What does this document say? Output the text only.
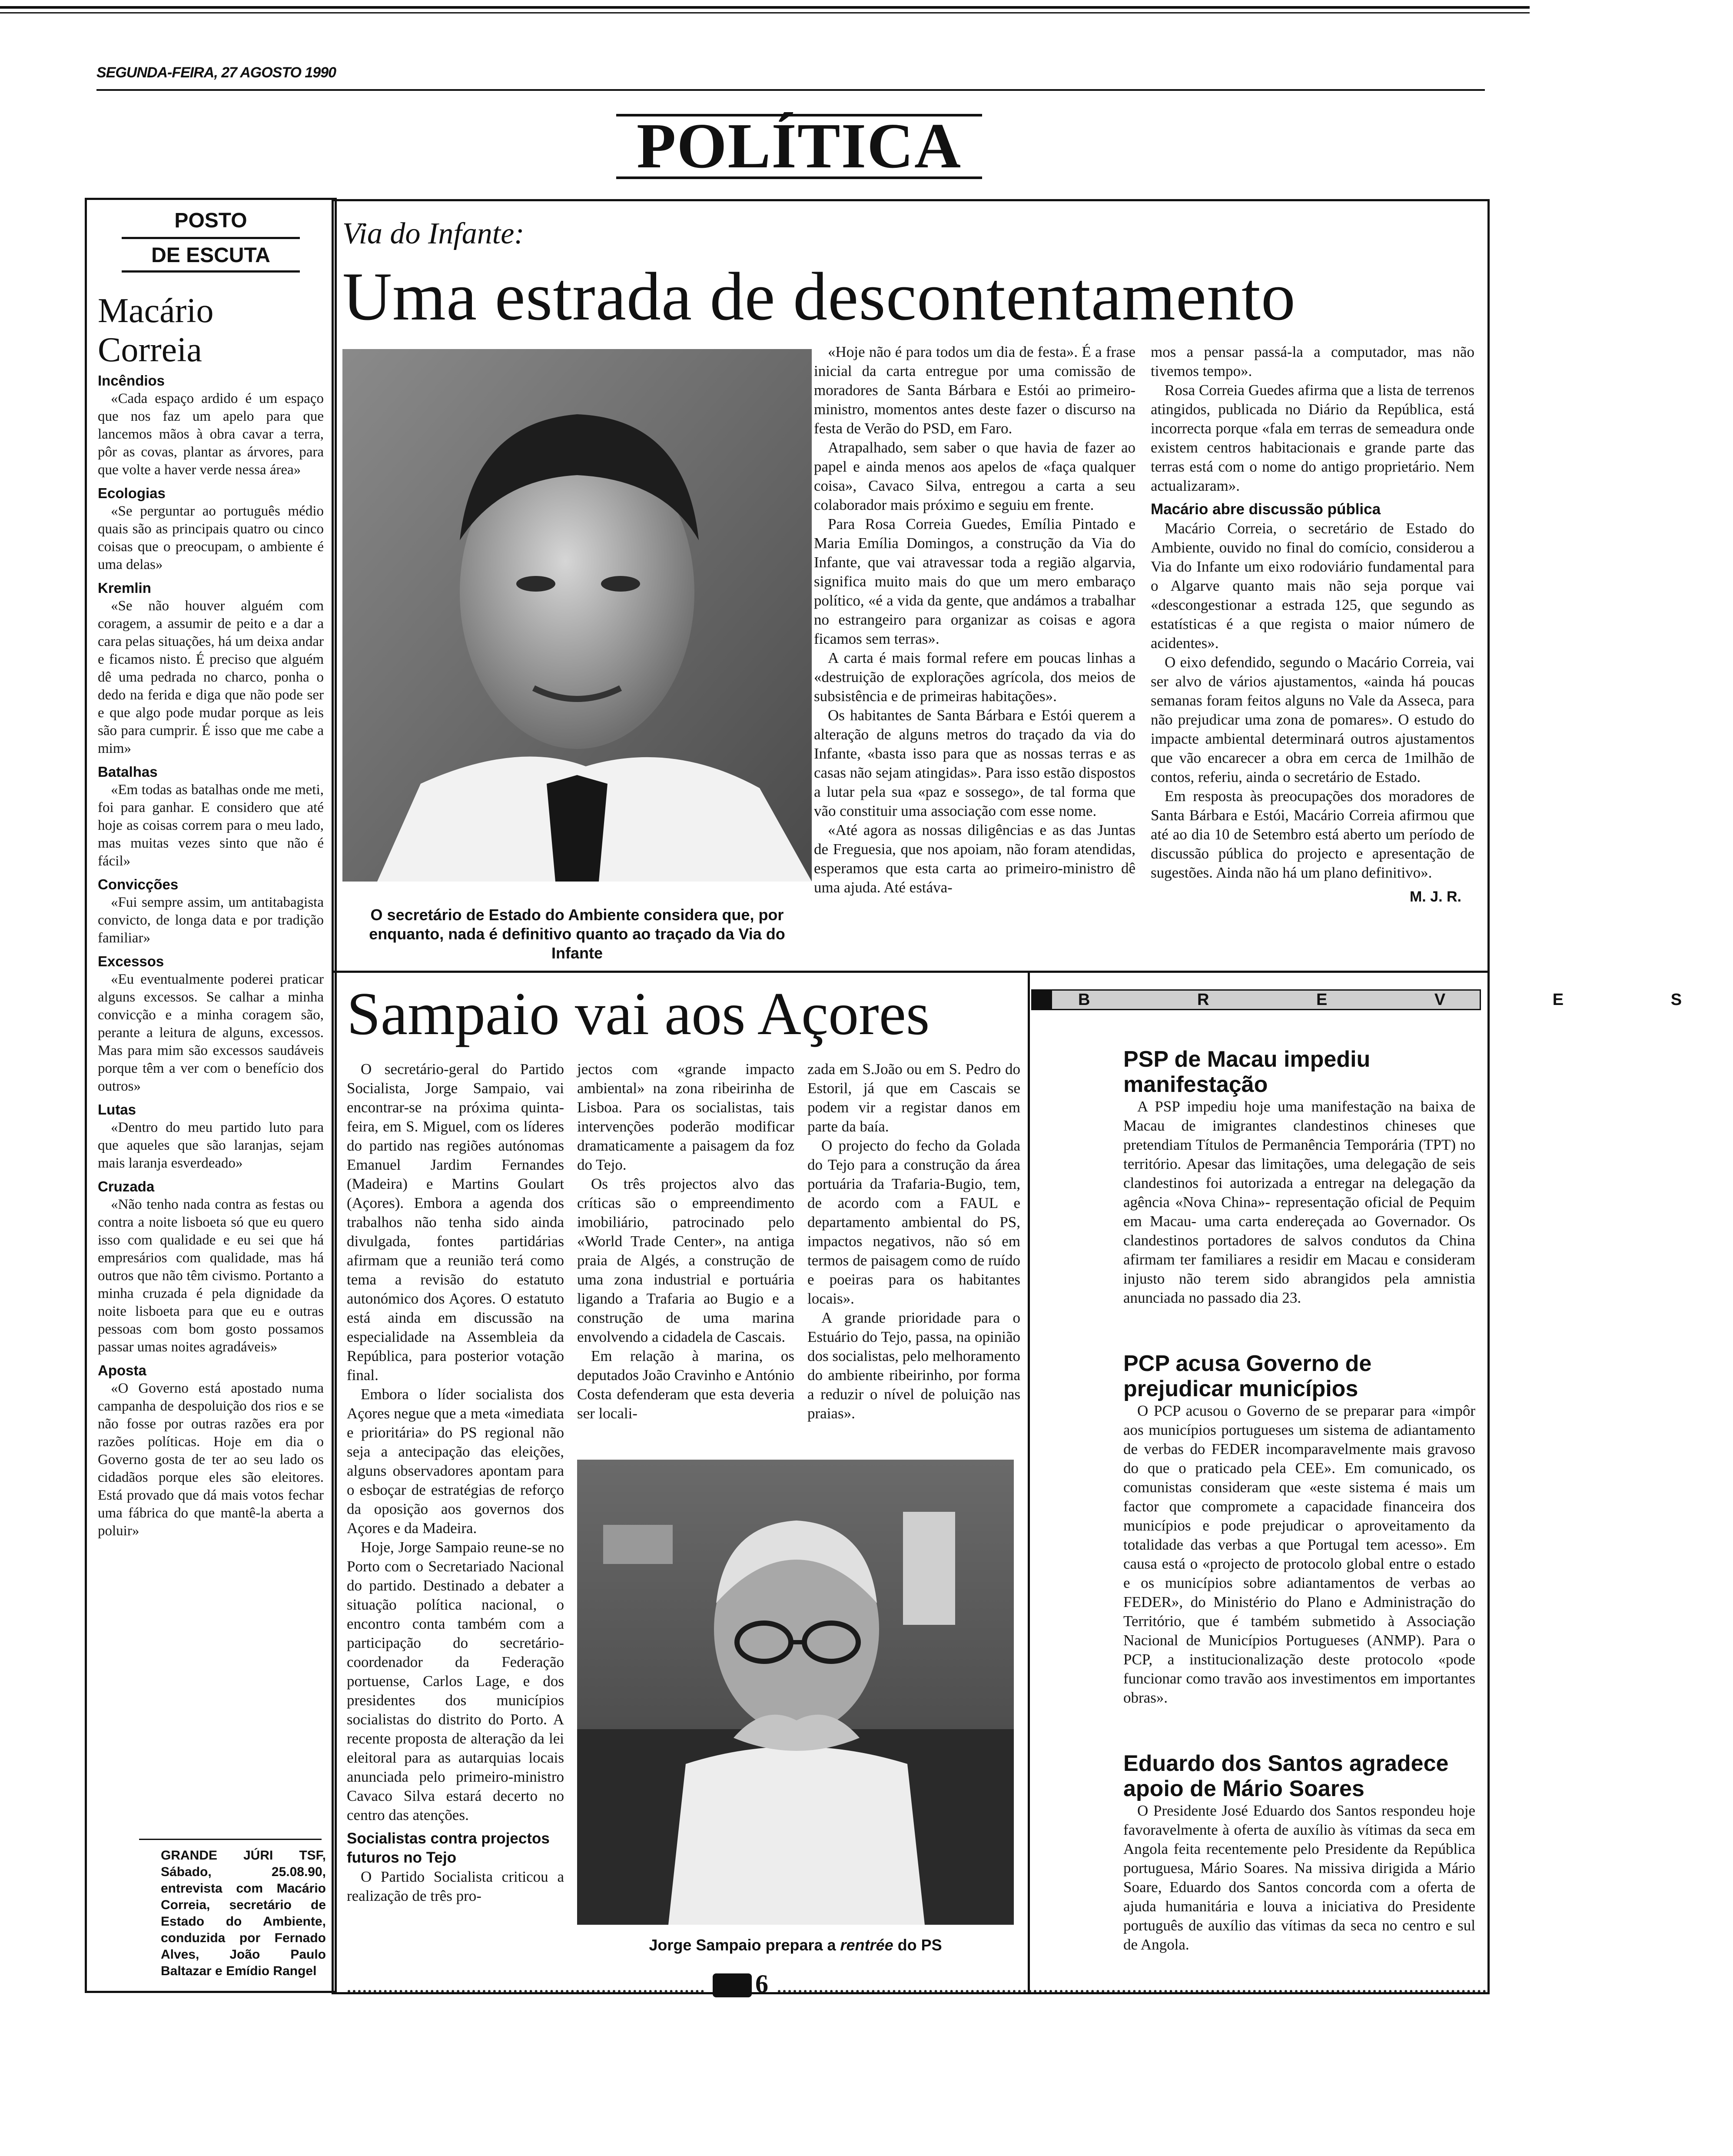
SEGUNDA-FEIRA, 27 AGOSTO 1990
POLÍTICA
POSTO
DE ESCUTA
Macário
Correia
Incêndios

«Cada espaço ardido é um espaço que nos faz um apelo para que lancemos mãos à obra cavar a terra, pôr as covas, plantar as árvores, para que volte a haver verde nessa área»

Ecologias

«Se perguntar ao português médio quais são as principais quatro ou cinco coisas que o preocupam, o ambiente é uma delas»

Kremlin

«Se não houver alguém com coragem, a assumir de peito e a dar a cara pelas situações, há um deixa andar e ficamos nisto. É preciso que alguém dê uma pedrada no charco, ponha o dedo na ferida e diga que não pode ser e que algo pode mudar porque as leis são para cumprir. É isso que me cabe a mim»

Batalhas

«Em todas as batalhas onde me meti, foi para ganhar. E considero que até hoje as coisas correm para o meu lado, mas muitas vezes sinto que não é fácil»

Convicções

«Fui sempre assim, um antitabagista convicto, de longa data e por tradição familiar»

Excessos

«Eu eventualmente poderei praticar alguns excessos. Se calhar a minha convicção e a minha coragem são, perante a leitura de alguns, excessos. Mas para mim são excessos saudáveis porque têm a ver com o benefício dos outros»

Lutas

«Dentro do meu partido luto para que aqueles que são laranjas, sejam mais laranja esverdeado»

Cruzada

«Não tenho nada contra as festas ou contra a noite lisboeta só que eu quero isso com qualidade e eu sei que há empresários com qualidade, mas há outros que não têm civismo. Portanto a minha cruzada é pela dignidade da noite lisboeta para que eu e outras pessoas com bom gosto possamos passar umas noites agradáveis»

Aposta

«O Governo está apostado numa campanha de despoluição dos rios e se não fosse por outras razões era por razões políticas. Hoje em dia o Governo gosta de ter ao seu lado os cidadãos porque eles são eleitores. Está provado que dá mais votos fechar uma fábrica do que mantê-la aberta a poluir»

GRANDE JÚRI TSF, Sábado, 25.08.90, entrevista com Macário Correia, secretário de Estado do Ambiente, conduzida por Fernado Alves, João Paulo Baltazar e Emídio Rangel

Via do Infante:
Uma estrada de descontentamento
O secretário de Estado do Ambiente considera que, por enquanto, nada é definitivo quanto ao traçado da Via do Infante

«Hoje não é para todos um dia de festa». É a frase inicial da carta entregue por uma comissão de moradores de Santa Bárbara e Estói ao primeiro-ministro, momentos antes deste fazer o discurso na festa de Verão do PSD, em Faro.

Atrapalhado, sem saber o que havia de fazer ao papel e ainda menos aos apelos de «faça qualquer coisa», Cavaco Silva, entregou a carta a seu colaborador mais próximo e seguiu em frente.

Para Rosa Correia Guedes, Emília Pintado e Maria Emília Domingos, a construção da Via do Infante, que vai atravessar toda a região algarvia, significa muito mais do que um mero embaraço político, «é a vida da gente, que andámos a trabalhar no estrangeiro para organizar as coisas e agora ficamos sem terras».

A carta é mais formal refere em poucas linhas a «destruição de explorações agrícola, dos meios de subsistência e de primeiras habitações».

Os habitantes de Santa Bárbara e Estói querem a alteração de alguns metros do traçado da via do Infante, «basta isso para que as nossas terras e as casas não sejam atingidas». Para isso estão dispostos a lutar pela sua «paz e sossego», de tal forma que vão constituir uma associação com esse nome.

«Até agora as nossas diligências e as das Juntas de Freguesia, que nos apoiam, não foram atendidas, esperamos que esta carta ao primeiro-ministro dê uma ajuda. Até estáva-

mos a pensar passá-la a computador, mas não tivemos tempo».

Rosa Correia Guedes afirma que a lista de terrenos atingidos, publicada no Diário da República, está incorrecta porque «fala em terras de semeadura onde existem centros habitacionais e grande parte das terras está com o nome do antigo proprietário. Nem actualizaram».

Macário abre discussão pública

Macário Correia, o secretário de Estado do Ambiente, ouvido no final do comício, considerou a Via do Infante um eixo rodoviário fundamental para o Algarve quanto mais não seja porque vai «descongestionar a estrada 125, que segundo as estatísticas é a que regista o maior número de acidentes».

O eixo defendido, segundo o Macário Correia, vai ser alvo de vários ajustamentos, «ainda há poucas semanas foram feitos alguns no Vale da Asseca, para não prejudicar uma zona de pomares». O estudo do impacte ambiental determinará outros ajustamentos que vão encarecer a obra em cerca de 1milhão de contos, referiu, ainda o secretário de Estado.

Em resposta às preocupações dos moradores de Santa Bárbara e Estói, Macário Correia afirmou que até ao dia 10 de Setembro está aberto um período de discussão pública do projecto e apresentação de sugestões. Ainda não há um plano definitivo».

M. J. R.
Sampaio vai aos Açores

O secretário-geral do Partido Socialista, Jorge Sampaio, vai encontrar-se na próxima quinta-feira, em S. Miguel, com os líderes do partido nas regiões autónomas Emanuel Jardim Fernandes (Madeira) e Martins Goulart (Açores). Embora a agenda dos trabalhos não tenha sido ainda divulgada, fontes partidárias afirmam que a reunião terá como tema a revisão do estatuto autonómico dos Açores. O estatuto está ainda em discussão na especialidade na Assembleia da República, para posterior votação final.

Embora o líder socialista dos Açores negue que a meta «imediata e prioritária» do PS regional não seja a antecipação das eleições, alguns observadores apontam para o esboçar de estratégias de reforço da oposição aos governos dos Açores e da Madeira.

Hoje, Jorge Sampaio reune-se no Porto com o Secretariado Nacional do partido. Destinado a debater a situação política nacional, o encontro conta também com a participação do secretário-coordenador da Federação portuense, Carlos Lage, e dos presidentes dos municípios socialistas do distrito do Porto. A recente proposta de alteração da lei eleitoral para as autarquias locais anunciada pelo primeiro-ministro Cavaco Silva estará decerto no centro das atenções.

Socialistas contra projectos futuros no Tejo

O Partido Socialista criticou a realização de três pro-

jectos com «grande impacto ambiental» na zona ribeirinha de Lisboa. Para os socialistas, tais intervenções poderão modificar dramaticamente a paisagem da foz do Tejo.

Os três projectos alvo das críticas são o empreendimento imobiliário, patrocinado pelo «World Trade Center», na antiga praia de Algés, a construção de uma zona industrial e portuária ligando a Trafaria ao Bugio e a construção de uma marina envolvendo a cidadela de Cascais.

Em relação à marina, os deputados João Cravinho e António Costa defenderam que esta deveria ser locali-

zada em S.João ou em S. Pedro do Estoril, já que em Cascais se podem vir a registar danos em parte da baía.

O projecto do fecho da Golada do Tejo para a construção da área portuária da Trafaria-Bugio, tem, de acordo com a FAUL e departamento ambiental do PS, impactos negativos, não só em termos de paisagem como de ruído e poeiras para os habitantes locais».

A grande prioridade para o Estuário do Tejo, passa, na opinião dos socialistas, pelo melhoramento do ambiente ribeirinho, por forma a reduzir o nível de poluição nas praias».

Jorge Sampaio prepara a rentrée do PS
B R E V E S
PSP de Macau impediu manifestação

A PSP impediu hoje uma manifestação na baixa de Macau de imigrantes clandestinos chineses que pretendiam Títulos de Permanência Temporária (TPT) no território. Apesar das limitações, uma delegação de seis clandestinos foi autorizada a entregar na delegação da agência «Nova China»- representação oficial de Pequim em Macau- uma carta endereçada ao Governador. Os clandestinos portadores de salvos condutos da China afirmam ter familiares a residir em Macau e consideram injusto não terem sido abrangidos pela amnistia anunciada no passado dia 23.

PCP acusa Governo de prejudicar municípios

O PCP acusou o Governo de se preparar para «impôr aos municípios portugueses um sistema de adiantamento de verbas do FEDER incomparavelmente mais gravoso do que o praticado pela CEE». Em comunicado, os comunistas consideram que «este sistema é mais um factor que compromete a capacidade financeira dos municípios e pode prejudicar o aproveitamento da totalidade das verbas a que Portugal tem acesso». Em causa está o «projecto de protocolo global entre o estado e os municípios sobre adiantamentos de verbas ao FEDER», do Ministério do Plano e Administração do Território, que é também submetido à Associação Nacional de Municípios Portugueses (ANMP). Para o PCP, a institucionalização deste protocolo «pode funcionar como travão aos investimentos em importantes obras».

Eduardo dos Santos agradece apoio de Mário Soares

O Presidente José Eduardo dos Santos respondeu hoje favoravelmente à oferta de auxílio às vítimas da seca em Angola feita recentemente pelo Presidente da República portuguesa, Mário Soares. Na missiva dirigida a Mário Soare, Eduardo dos Santos concorda com a oferta de ajuda humanitária e louva a iniciativa do Presidente português de auxílio das vítimas da seca no centro e sul de Angola.

6
